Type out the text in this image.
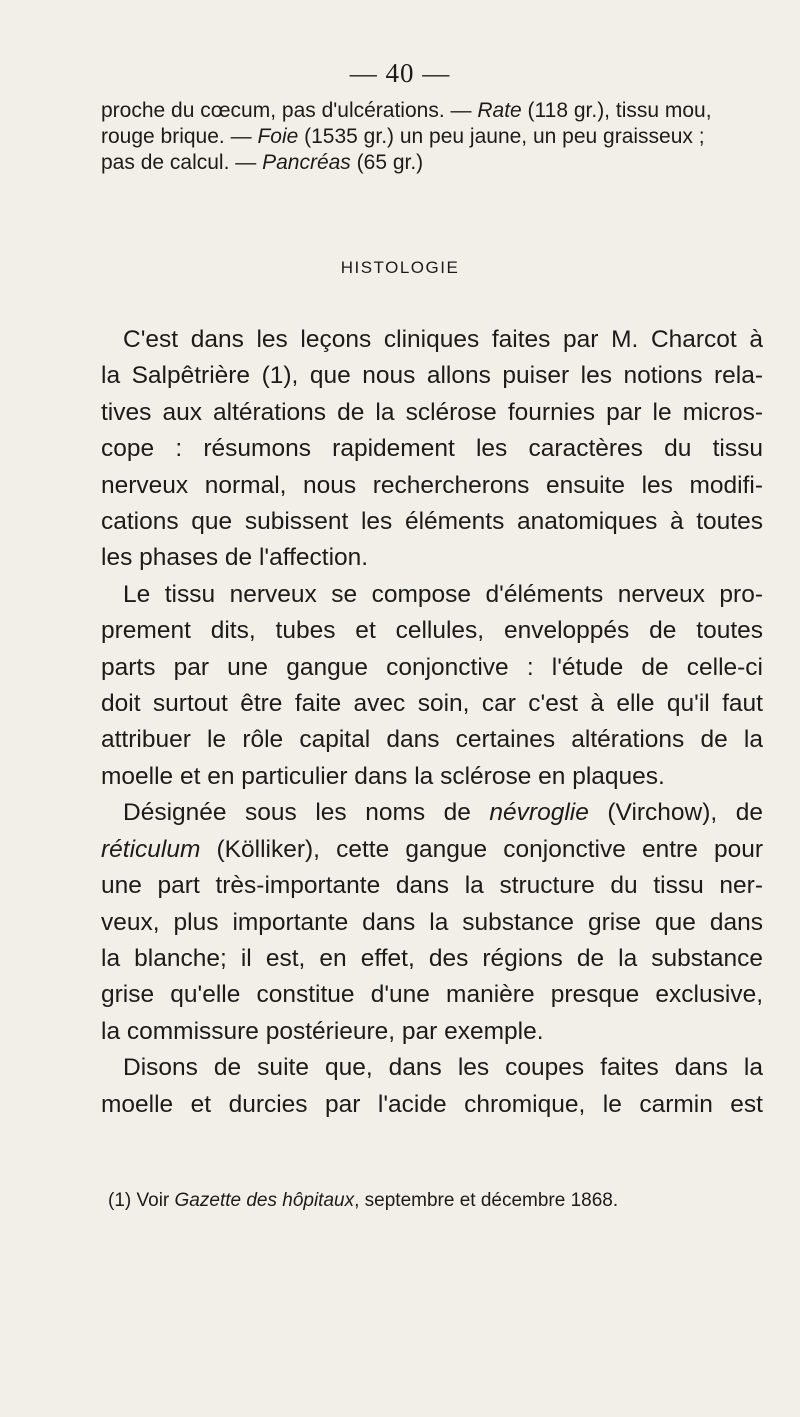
— 40 —
proche du cœcum, pas d'ulcérations. — Rate (118 gr.), tissu mou,
rouge brique. — Foie (1535 gr.) un peu jaune, un peu graisseux ;
pas de calcul. — Pancréas (65 gr.)
HISTOLOGIE
C'est dans les leçons cliniques faites par M. Charcot à
la Salpêtrière (1), que nous allons puiser les notions rela-
tives aux altérations de la sclérose fournies par le micros-
cope : résumons rapidement les caractères du tissu
nerveux normal, nous rechercherons ensuite les modifi-
cations que subissent les éléments anatomiques à toutes
les phases de l'affection.
Le tissu nerveux se compose d'éléments nerveux pro-
prement dits, tubes et cellules, enveloppés de toutes
parts par une gangue conjonctive : l'étude de celle-ci
doit surtout être faite avec soin, car c'est à elle qu'il faut
attribuer le rôle capital dans certaines altérations de la
moelle et en particulier dans la sclérose en plaques.
Désignée sous les noms de névroglie (Virchow), de
réticulum (Kölliker), cette gangue conjonctive entre pour
une part très-importante dans la structure du tissu ner-
veux, plus importante dans la substance grise que dans
la blanche; il est, en effet, des régions de la substance
grise qu'elle constitue d'une manière presque exclusive,
la commissure postérieure, par exemple.
Disons de suite que, dans les coupes faites dans la
moelle et durcies par l'acide chromique, le carmin est
(1) Voir Gazette des hôpitaux, septembre et décembre 1868.
